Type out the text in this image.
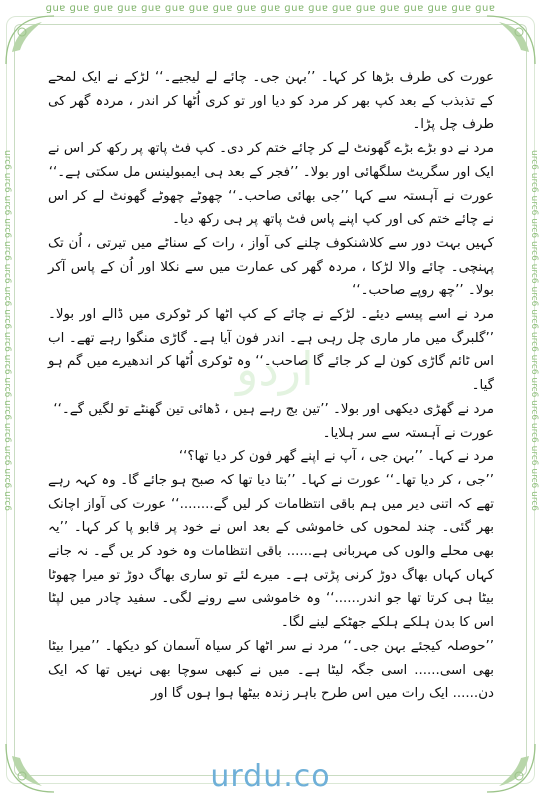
ɡuɐ ɡuɐ ɡuɐ ɡuɐ ɡuɐ ɡuɐ ɡuɐ ɡuɐ ɡuɐ ɡuɐ ɡuɐ ɡuɐ ɡuɐ ɡuɐ ɡuɐ ɡuɐ ɡuɐ ɡuɐ ɡuɐ
urc6 urc6 urc6 urc6 urc6 urc6 urc6 urc6 urc6 urc6 urc6 urc6 urc6 urc6 urc6 urc6	urc6 urc6 urc6 urc6 urc6 urc6 urc6 urc6 urc6 urc6 urc6 urc6 urc6 urc6 urc6 urc6
اردو

عورت کی طرف بڑھا کر کہا۔ ’’بہن جی۔ چائے لے لیجیے۔‘‘ لڑکے نے ایک لمحے کے تذبذب کے بعد کپ بھر کر مرد کو دیا اور تو کری اُٹھا کر اندر ، مردہ گھر کی طرف چل پڑا۔

مرد نے دو بڑے بڑے گھونٹ لے کر چائے ختم کر دی۔ کپ فٹ پاتھ پر رکھ کر اس نے ایک اور سگریٹ سلگھائی اور بولا۔ ’’فجر کے بعد ہی ایمبولینس مل سکتی ہے۔‘‘

عورت نے آہستہ سے کہا ’’جی بھائی صاحب۔‘‘ چھوٹے چھوٹے گھونٹ لے کر اس نے چائے ختم کی اور کپ اپنے پاس فٹ پاتھ پر ہی رکھ دیا۔

کہیں بہت دور سے کلاشنکوف چلنے کی آواز ، رات کے سناٹے میں تیرتی ، اُن تک پہنچی۔ چائے والا لڑکا ، مردہ گھر کی عمارت میں سے نکلا اور اُن کے پاس آکر بولا۔ ’’چھ روپے صاحب۔‘‘

مرد نے اسے پیسے دیئے۔ لڑکے نے چائے کے کپ اٹھا کر ٹوکری میں ڈالے اور بولا۔ ’’گلبرگ میں مار ماری چل رہی ہے۔ اندر فون آیا ہے۔ گاڑی منگوا رہے تھے۔ اب اس ٹائم گاڑی کون لے کر جائے گا صاحب۔‘‘ وہ ٹوکری اُٹھا کر اندھیرے میں گم ہو گیا۔

مرد نے گھڑی دیکھی اور بولا۔ ’’تین بج رہے ہیں ، ڈھائی تین گھنٹے تو لگیں گے۔‘‘

عورت نے آہستہ سے سر ہلایا۔

مرد نے کہا۔ ’’بہن جی ، آپ نے اپنے گھر فون کر دیا تھا؟‘‘

’’جی ، کر دیا تھا۔‘‘ عورت نے کہا۔ ’’بتا دیا تھا کہ صبح ہو جائے گا۔ وہ کہہ رہے تھے کہ اتنی دیر میں ہم باقی انتظامات کر لیں گے........‘‘ عورت کی آواز اچانک بھر گئی۔ چند لمحوں کی خاموشی کے بعد اس نے خود پر قابو پا کر کہا۔ ’’یہ بھی محلے والوں کی مہربانی ہے...... باقی انتظامات وہ خود کر یں گے۔ نہ جانے کہاں کہاں بھاگ دوڑ کرنی پڑتی ہے۔ میرے لئے تو ساری بھاگ دوڑ تو میرا چھوٹا بیٹا ہی کرتا تھا جو اندر......‘‘ وہ خاموشی سے رونے لگی۔ سفید چادر میں لپٹا اس کا بدن ہلکے ہلکے جھٹکے لینے لگا۔

’’حوصلہ کیجئے بہن جی۔‘‘ مرد نے سر اٹھا کر سیاہ آسمان کو دیکھا۔ ’’میرا بیٹا بھی اسی...... اسی جگہ لیٹا ہے۔ میں نے کبھی سوچا بھی نہیں تھا کہ ایک دن...... ایک رات میں اس طرح باہر زندہ بیٹھا ہوا ہوں گا اور

urdu.co
